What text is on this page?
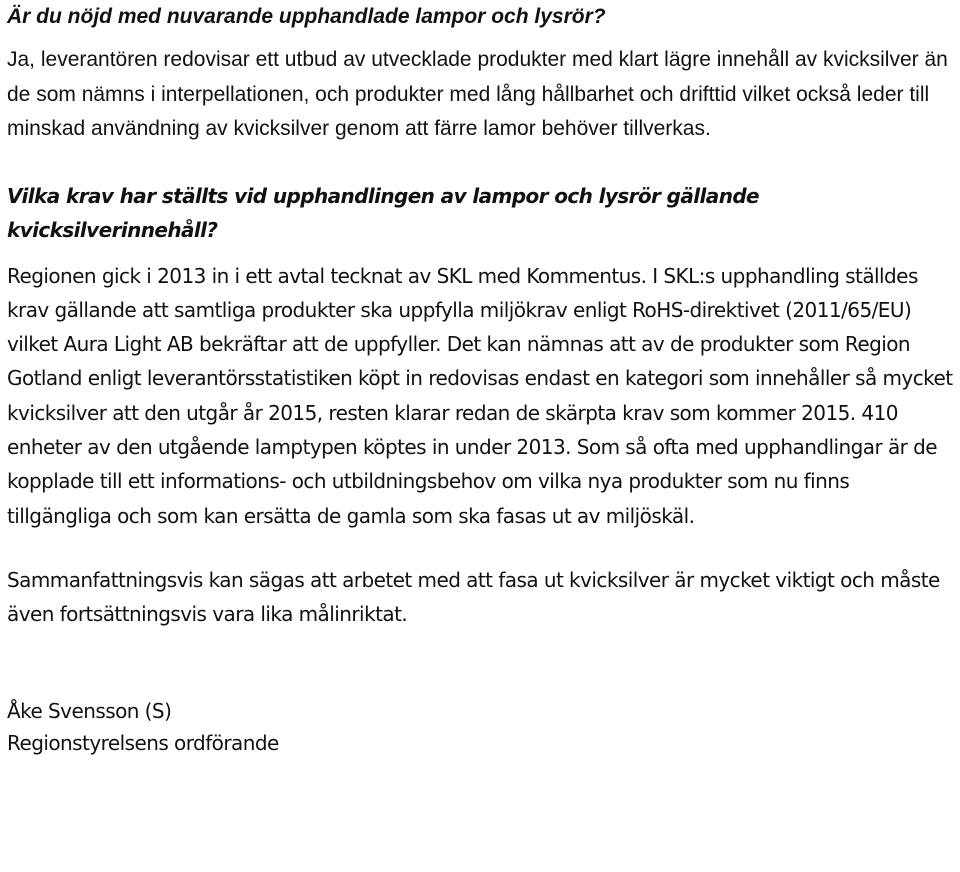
Är du nöjd med nuvarande upphandlade lampor och lysrör?

Ja, leverantören redovisar ett utbud av utvecklade produkter med klart lägre innehåll av kvicksilver än de som nämns i interpellationen, och produkter med lång hållbarhet och drifttid vilket också leder till minskad användning av kvicksilver genom att färre lamor behöver tillverkas.

Vilka krav har ställts vid upphandlingen av lampor och lysrör gällande kvicksilverinnehåll?

Regionen gick i 2013 in i ett avtal tecknat av SKL med Kommentus. I SKL:s upphandling ställdes krav gällande att samtliga produkter ska uppfylla miljökrav enligt RoHS-direktivet (2011/65/EU) vilket Aura Light AB bekräftar att de uppfyller. Det kan nämnas att av de produkter som Region Gotland enligt leverantörsstatistiken köpt in redovisas endast en kategori som innehåller så mycket kvicksilver att den utgår år 2015, resten klarar redan de skärpta krav som kommer 2015. 410 enheter av den utgående lamptypen köptes in under 2013. Som så ofta med upphandlingar är de kopplade till ett informations- och utbildningsbehov om vilka nya produkter som nu finns tillgängliga och som kan ersätta de gamla som ska fasas ut av miljöskäl.

Sammanfattningsvis kan sägas att arbetet med att fasa ut kvicksilver är mycket viktigt och måste även fortsättningsvis vara lika målinriktat.

Åke Svensson (S)

Regionstyrelsens ordförande
